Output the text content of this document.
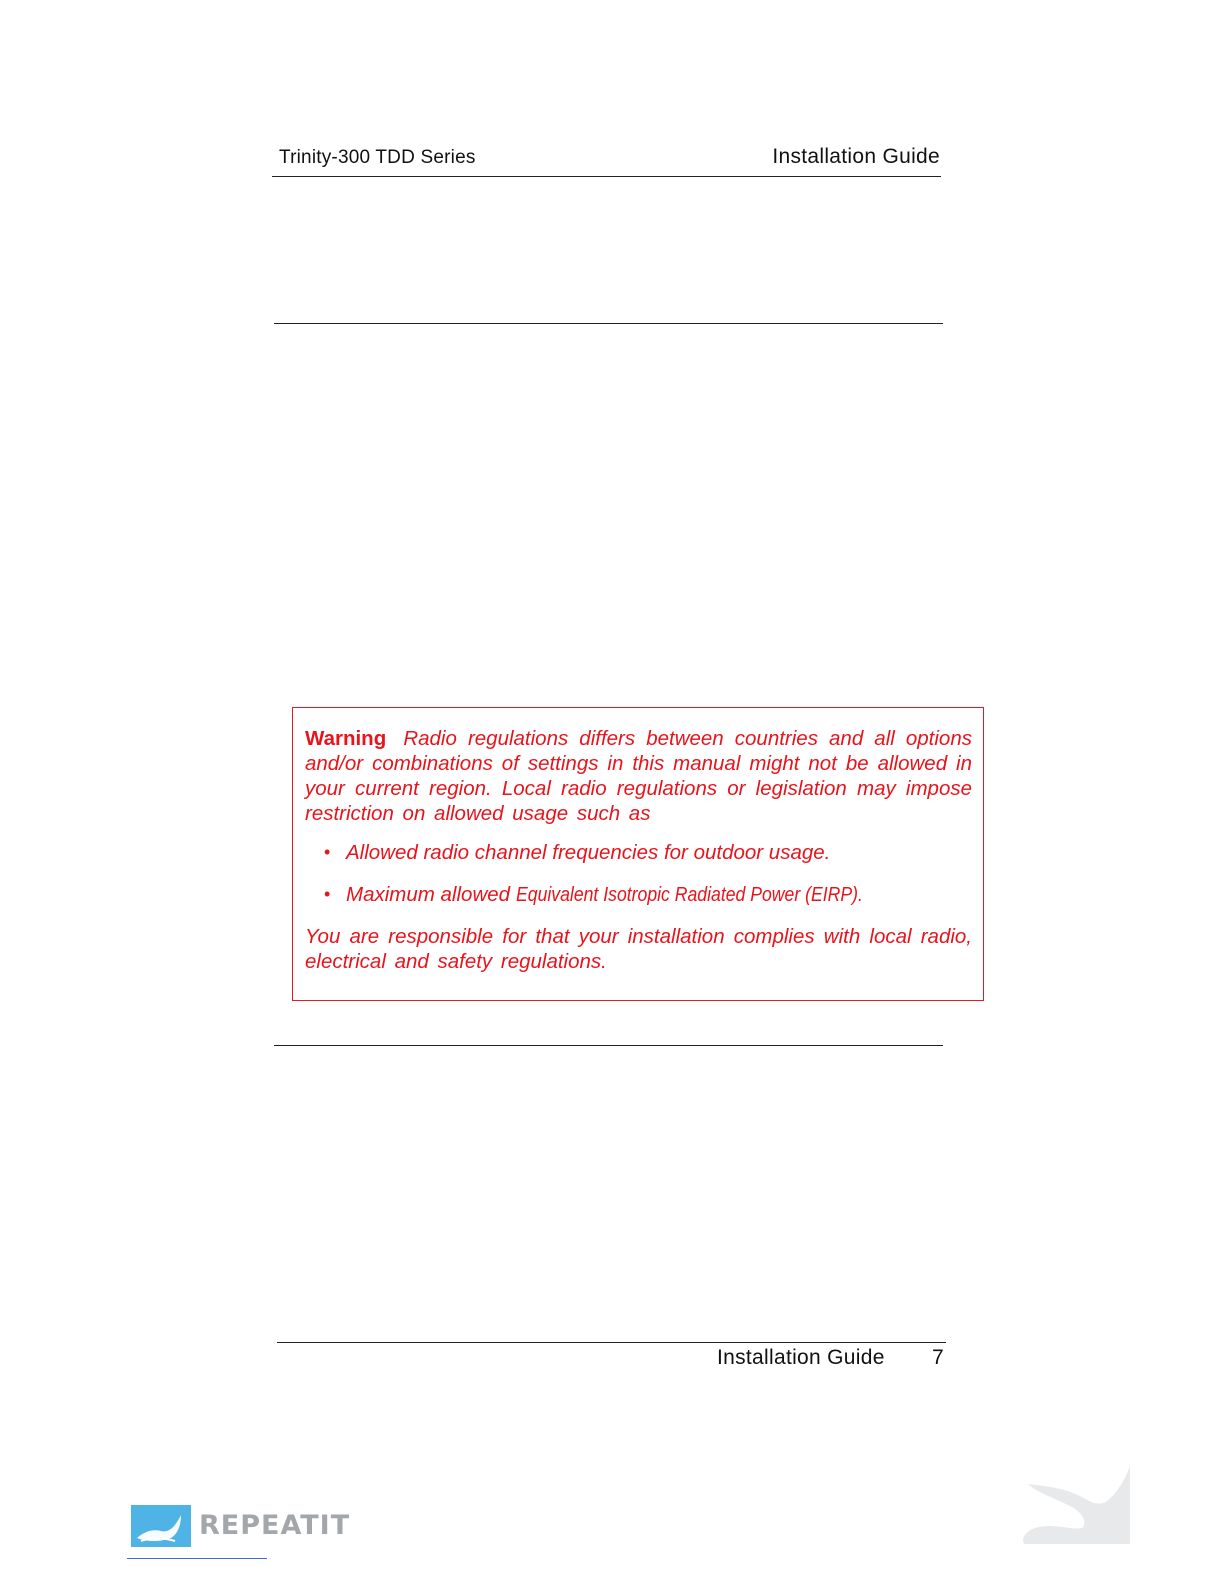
Trinity-300 TDD Series	Installation Guide

Warning Radio regulations differs between countries and all options and/or combinations of settings in this manual might not be allowed in your current region. Local radio regulations or legislation may impose restriction on allowed usage such as

• Allowed radio channel frequencies for outdoor usage.
• Maximum allowed Equivalent Isotropic Radiated Power (EIRP).

You are responsible for that your installation complies with local radio, electrical and safety regulations.

Installation Guide 7
REPEATIT
